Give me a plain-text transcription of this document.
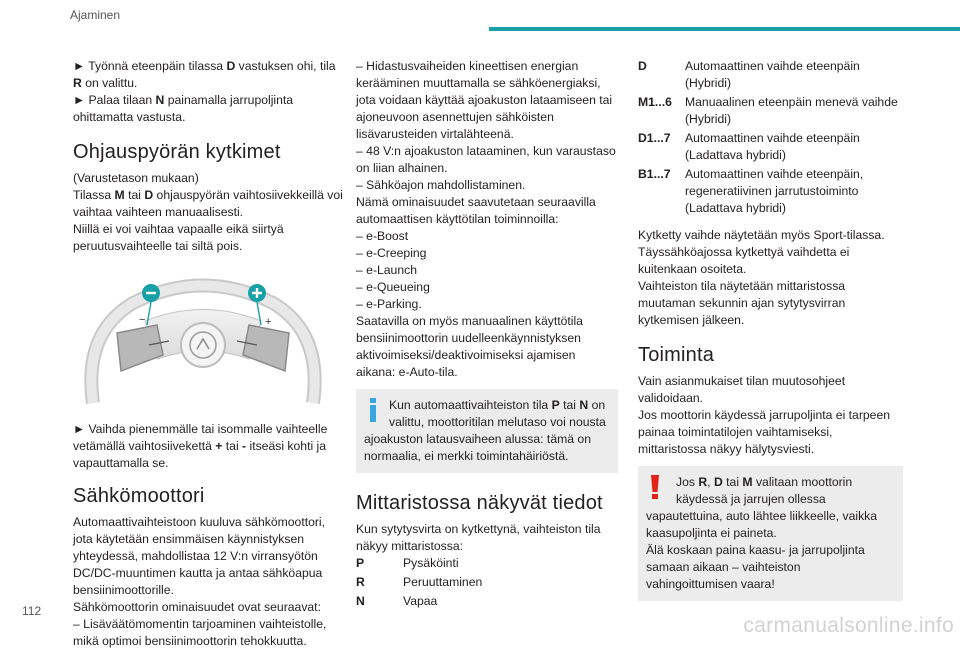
Ajaminen

► Työnnä eteenpäin tilassa D vastuksen ohi, tila R on valittu.

► Palaa tilaan N painamalla jarrupoljinta ohittamatta vastusta.

Ohjauspyörän kytkimet

(Varustetason mukaan)

Tilassa M tai D ohjauspyörän vaihtosiivekkeillä voi vaihtaa vaihteen manuaalisesti.

Niillä ei voi vaihtaa vapaalle eikä siirtyä peruutusvaihteelle tai siltä pois.

−	+

► Vaihda pienemmälle tai isommalle vaihteelle vetämällä vaihtosiivekettä + tai - itseäsi kohti ja vapauttamalla se.

Sähkömoottori

Automaattivaihteistoon kuuluva sähkömoottori, jota käytetään ensimmäisen käynnistyksen yhteydessä, mahdollistaa 12 V:n virransyötön DC/DC-muuntimen kautta ja antaa sähköapua bensiinimoottorille.

Sähkömoottorin ominaisuudet ovat seuraavat:

– Lisäväätömomentin tarjoaminen vaihteistolle, mikä optimoi bensiinimoottorin tehokkuutta.

– Hidastusvaiheiden kineettisen energian kerääminen muuttamalla se sähköenergiaksi, jota voidaan käyttää ajoakuston lataamiseen tai ajoneuvoon asennettujen sähköisten lisävarusteiden virtalähteenä.

– 48 V:n ajoakuston lataaminen, kun varaustaso on liian alhainen.

– Sähköajon mahdollistaminen.

Nämä ominaisuudet saavutetaan seuraavilla automaattisen käyttötilan toiminnoilla:

– e-Boost

– e-Creeping

– e-Launch

– e-Queueing

– e-Parking.

Saatavilla on myös manuaalinen käyttötila bensiinimoottorin uudelleenkäynnistyksen aktivoimiseksi/deaktivoimiseksi ajamisen aikana: e-Auto-tila.

Kun automaattivaihteiston tila P tai N on valittu, moottoritilan melutaso voi nousta ajoakuston latausvaiheen alussa: tämä on normaalia, ei merkki toimintahäiriöstä.
Mittaristossa näkyvät tiedot

Kun sytytysvirta on kytkettynä, vaihteiston tila näkyy mittaristossa:

P	Pysäköinti
R	Peruuttaminen
N	Vapaa
D	Automaattinen vaihde eteenpäin (Hybridi)
M1...6	Manuaalinen eteenpäin menevä vaihde (Hybridi)
D1...7	Automaattinen vaihde eteenpäin (Ladattava hybridi)
B1...7	Automaattinen vaihde eteenpäin, regeneratiivinen jarrutustoiminto (Ladattava hybridi)

Kytketty vaihde näytetään myös Sport-tilassa.

Täyssähköajossa kytkettyä vaihdetta ei kuitenkaan osoiteta.

Vaihteiston tila näytetään mittaristossa muutaman sekunnin ajan sytytysvirran kytkemisen jälkeen.

Toiminta

Vain asianmukaiset tilan muutosohjeet validoidaan.

Jos moottorin käydessä jarrupoljinta ei tarpeen painaa toimintatilojen vaihtamiseksi, mittaristossa näkyy hälytysviesti.

Jos R, D tai M valitaan moottorin käydessä ja jarrujen ollessa vapautettuina, auto lähtee liikkeelle, vaikka kaasupoljinta ei paineta.

Älä koskaan paina kaasu- ja jarrupoljinta samaan aikaan – vaihteiston vahingoittumisen vaara!

112
carmanualsonline.info
